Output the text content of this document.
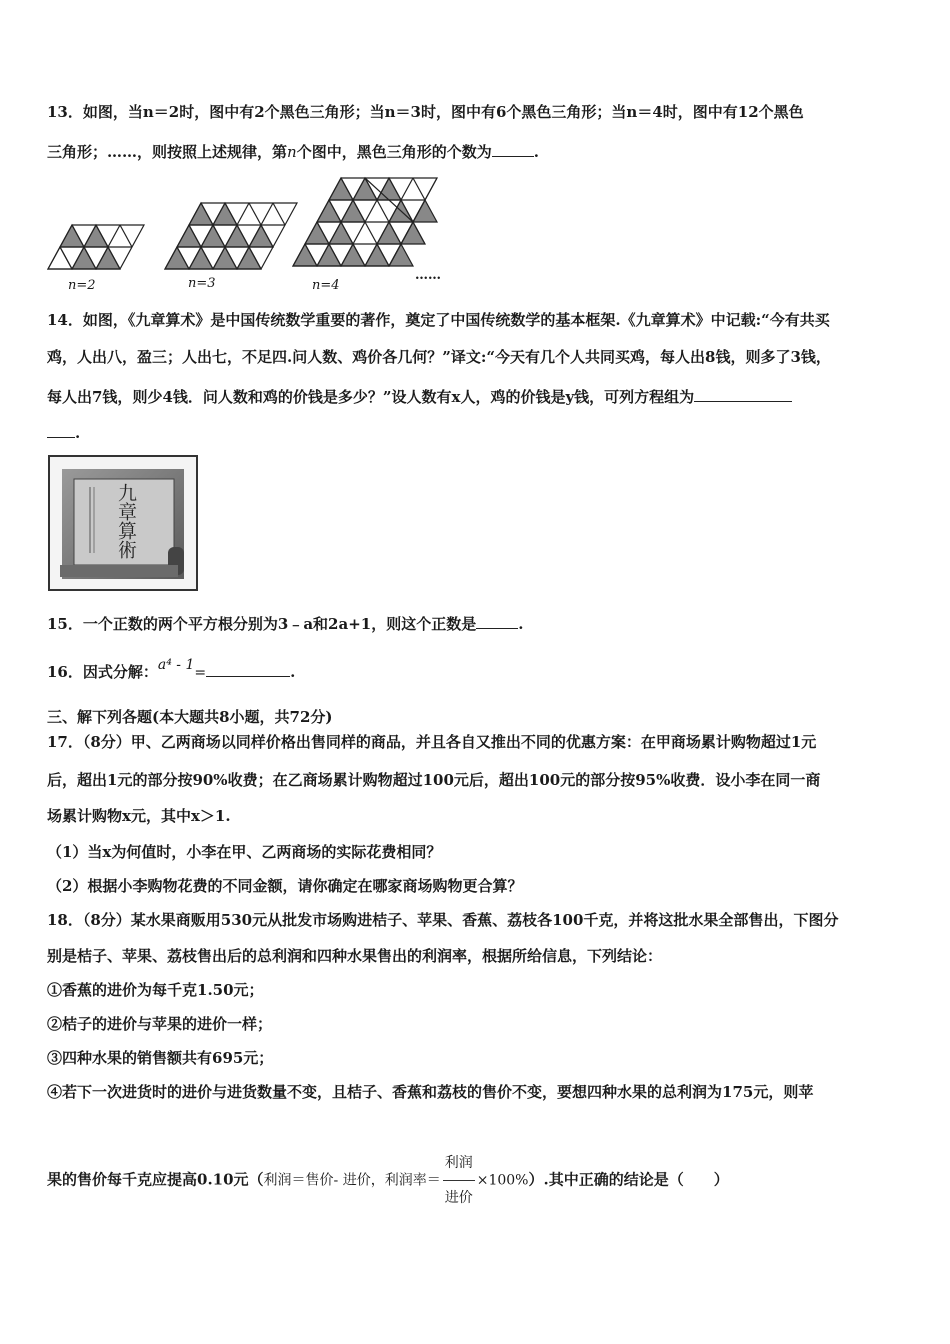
13．如图，当n＝2时，图中有2个黑色三角形；当n＝3时，图中有6个黑色三角形；当n＝4时，图中有12个黑色
三角形；……，则按照上述规律，第n个图中，黑色三角形的个数为	.
n=2	n=3	n=4
……
14．如图，《九章算术》是中国传统数学重要的著作，奠定了中国传统数学的基本框架.《九章算术》中记载:“今有共买
鸡，人出八，盈三；人出七，不足四.问人数、鸡价各几何？”译文:“今天有几个人共同买鸡，每人出8钱，则多了3钱，
每人出7钱，则少4钱．问人数和鸡的价钱是多少？”设人数有x人，鸡的价钱是y钱，可列方程组为
.
九章算術
15．一个正数的两个平方根分别为3﹣a和2a+1，则这个正数是	.
16．因式分解：a⁴ - 1=	.
三、解下列各题(本大题共8小题，共72分)
17．（8分）甲、乙两商场以同样价格出售同样的商品，并且各自又推出不同的优惠方案：在甲商场累计购物超过1元
后，超出1元的部分按90%收费；在乙商场累计购物超过100元后，超出100元的部分按95%收费．设小李在同一商
场累计购物x元，其中x＞1.
（1）当x为何值时，小李在甲、乙两商场的实际花费相同？
（2）根据小李购物花费的不同金额，请你确定在哪家商场购物更合算？
18．（8分）某水果商贩用530元从批发市场购进桔子、苹果、香蕉、荔枝各100千克，并将这批水果全部售出，下图分
别是桔子、苹果、荔枝售出后的总利润和四种水果售出的利润率，根据所给信息，下列结论：
①香蕉的进价为每千克1.50元；
②桔子的进价与苹果的进价一样；
③四种水果的销售额共有695元；
④若下一次进货时的进价与进货数量不变，且桔子、香蕉和荔枝的售价不变，要想四种水果的总利润为175元，则苹
果的售价每千克应提高0.10元（利润＝售价- 进价，利润率＝ $\frac{\text{利润}}{\text{进价}} \times 100\%$）.其中正确的结论是（　　）
